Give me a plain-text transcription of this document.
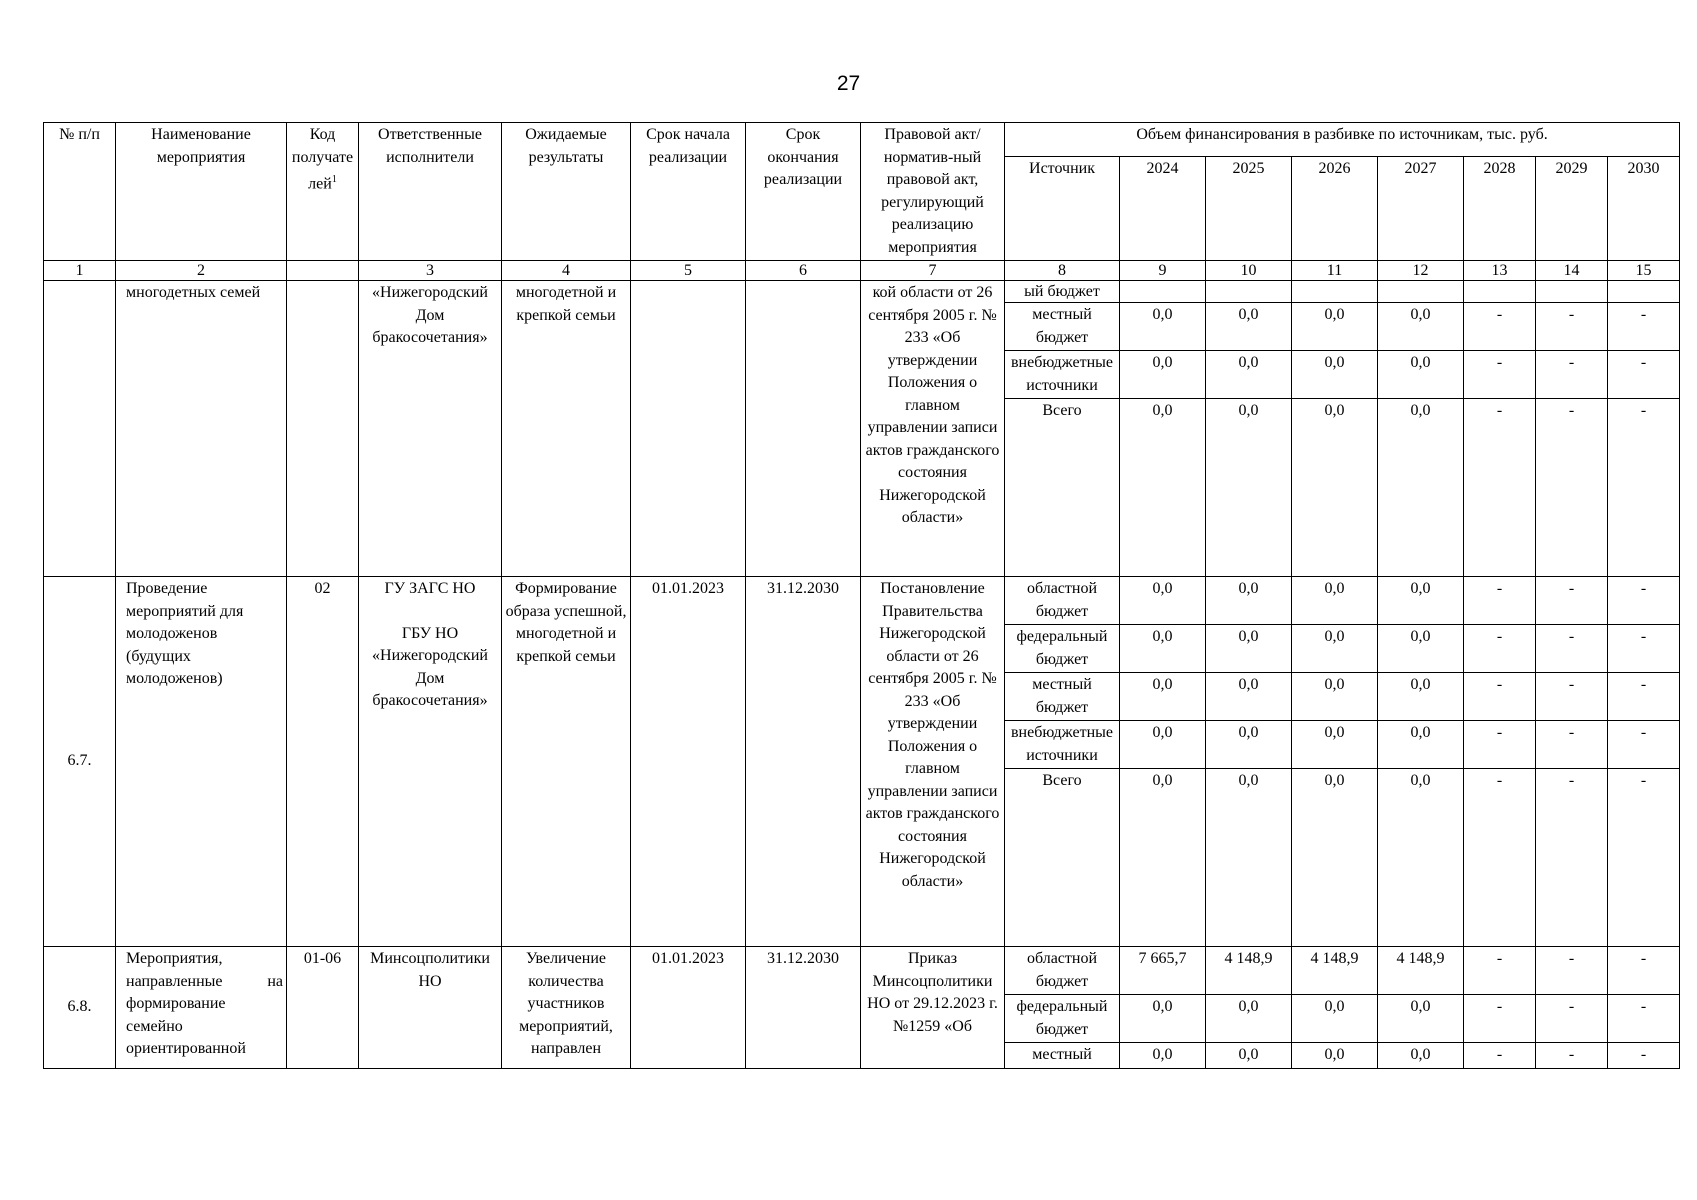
27
№ п/п	Наименование мероприятия	Код получателей$^1$	Ответственные исполнители	Ожидаемые результаты	Срок начала реализации	Срок окончания реализации	Правовой акт/норматив-ный правовой акт, регулирующий реализацию мероприятия	Объем финансирования в разбивке по источникам, тыс. руб.							
								Источник	2024	2025	2026	2027	2028	2029	2030
1	2		3	4	5	6	7	8	9	10	11	12	13	14	15
	многодетных семей		«Нижегородский Дом бракосочетания»	многодетной и крепкой семьи			кой области от 26 сентября 2005 г. № 233 «Об утверждении Положения о главном управлении записи актов гражданского состояния Нижегородской области»	ый бюджет							
								местный бюджет	0,0	0,0	0,0	0,0	-	-	-
								внебюджетные источники	0,0	0,0	0,0	0,0	-	-	-
								Всего	0,0	0,0	0,0	0,0	-	-	-
6.7.	Проведение мероприятий для молодоженов (будущих молодоженов)	02	ГУ ЗАГС НО
ГБУ НО «Нижегородский Дом бракосочетания»	Формирование образа успешной, многодетной и крепкой семьи	01.01.2023	31.12.2030	Постановление Правительства Нижегородской области от 26 сентября 2005 г. № 233 «Об утверждении Положения о главном управлении записи актов гражданского состояния Нижегородской области»	областной бюджет	0,0	0,0	0,0	0,0	-	-	-
								федеральный бюджет	0,0	0,0	0,0	0,0	-	-	-
								местный бюджет	0,0	0,0	0,0	0,0	-	-	-
								внебюджетные источники	0,0	0,0	0,0	0,0	-	-	-
								Всего	0,0	0,0	0,0	0,0	-	-	-
6.8.	Мероприятия, направленные на формирование семейно ориентированной	01-06	Минсоцполитики НО	Увеличение количества участников мероприятий, направлен	01.01.2023	31.12.2030	Приказ Минсоцполитики НО от 29.12.2023 г. №1259 «Об	областной бюджет	7 665,7	4 148,9	4 148,9	4 148,9	-	-	-
								федеральный бюджет	0,0	0,0	0,0	0,0	-	-	-
								местный	0,0	0,0	0,0	0,0	-	-	-
